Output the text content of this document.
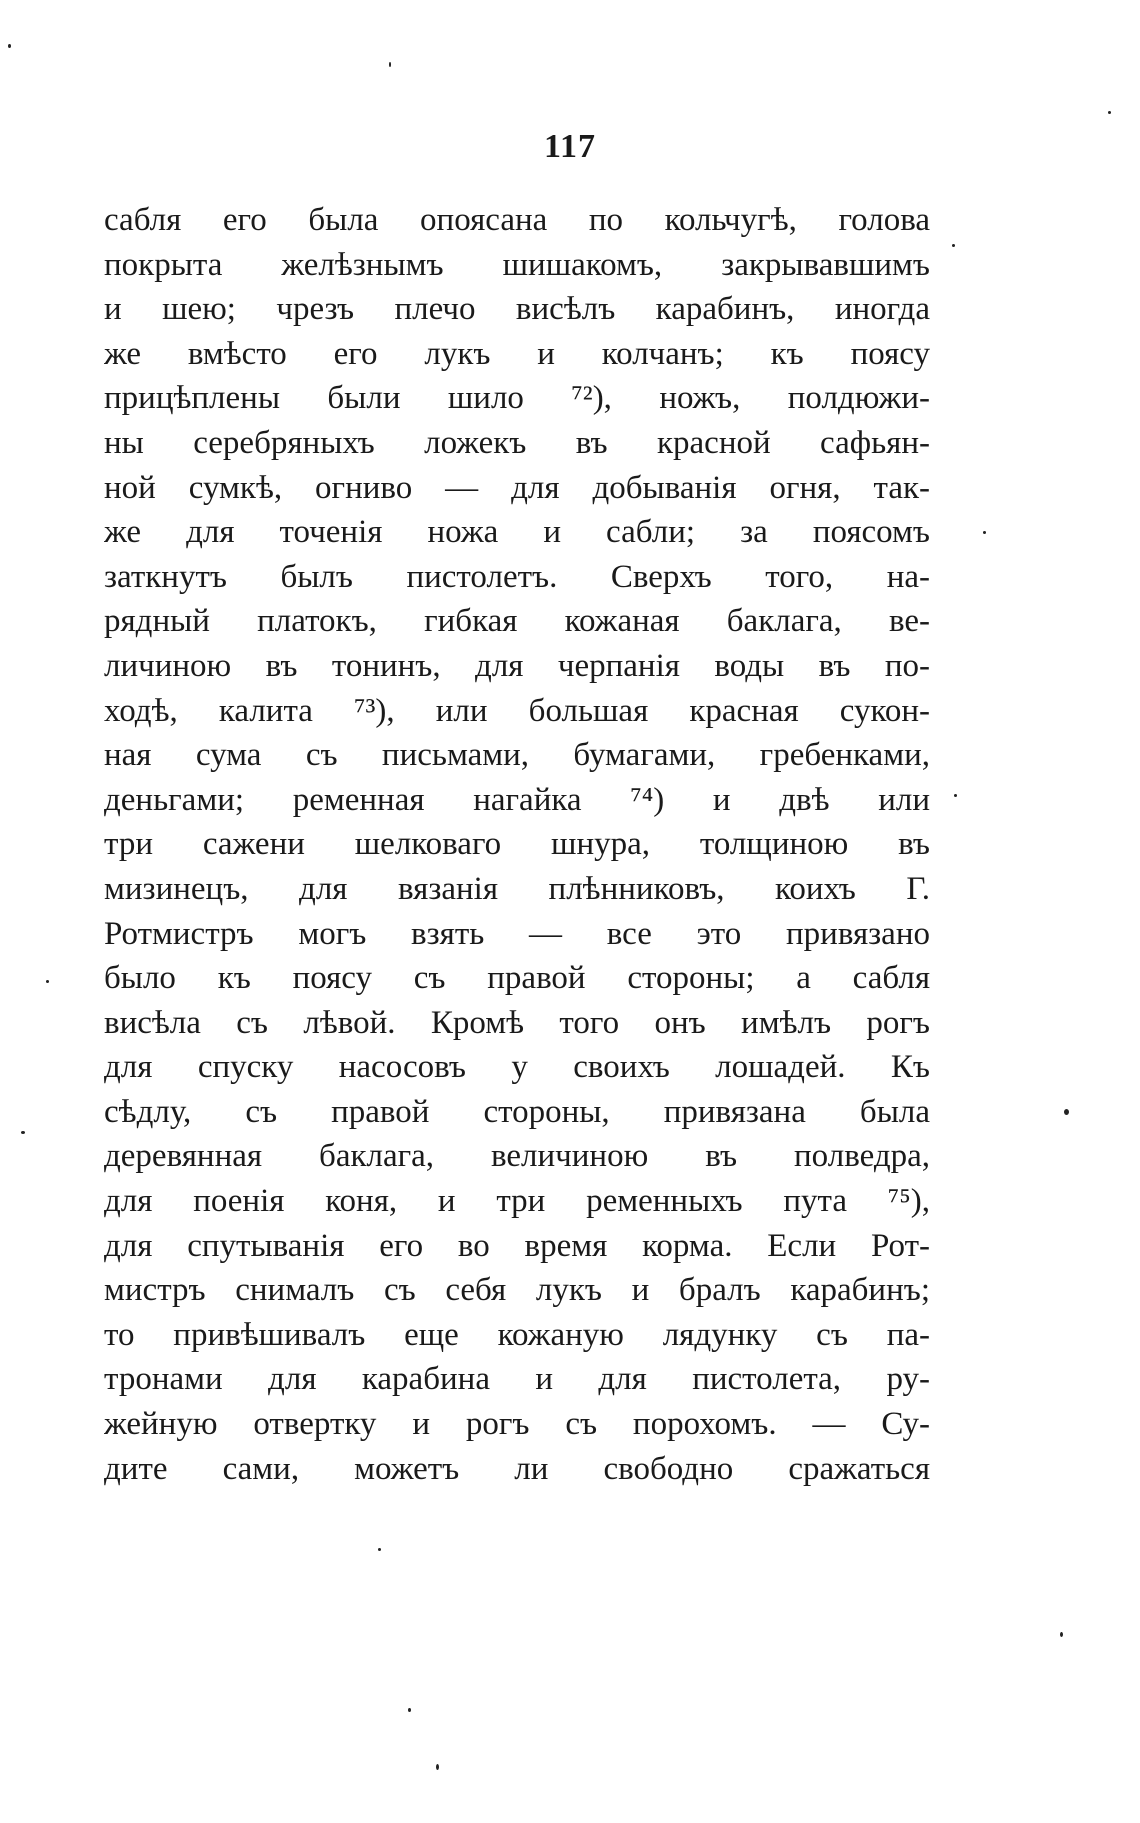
117
сабля его была опоясана по кольчугѣ, голова
покрыта желѣзнымъ шишакомъ, закрывавшимъ
и шею; чрезъ плечо висѣлъ карабинъ, иногда
же вмѣсто его лукъ и колчанъ; къ поясу
прицѣплены были шило ⁷²), ножъ, полдюжи-
ны серебряныхъ ложекъ въ красной сафьян-
ной сумкѣ, огниво — для добыванія огня, так-
же для точенія ножа и сабли; за поясомъ
заткнутъ былъ пистолетъ. Сверхъ того, на-
рядный платокъ, гибкая кожаная баклага, ве-
личиною въ тонинъ, для черпанія воды въ по-
ходѣ, калита ⁷³), или большая красная сукон-
ная сума съ письмами, бумагами, гребенками,
деньгами; ременная нагайка ⁷⁴) и двѣ или
три сажени шелковаго шнура, толщиною въ
мизинецъ, для вязанія плѣнниковъ, коихъ Г.
Ротмистръ могъ взять — все это привязано
было къ поясу съ правой стороны; а сабля
висѣла съ лѣвой. Кромѣ того онъ имѣлъ рогъ
для спуску насосовъ у своихъ лошадей. Къ
сѣдлу, съ правой стороны, привязана была
деревянная баклага, величиною въ полведра,
для поенія коня, и три ременныхъ пута ⁷⁵),
для спутыванія его во время корма. Если Рот-
мистръ снималъ съ себя лукъ и бралъ карабинъ;
то привѣшивалъ еще кожаную лядунку съ па-
тронами для карабина и для пистолета, ру-
жейную отвертку и рогъ съ порохомъ. — Су-
дите сами, можетъ ли свободно сражаться
